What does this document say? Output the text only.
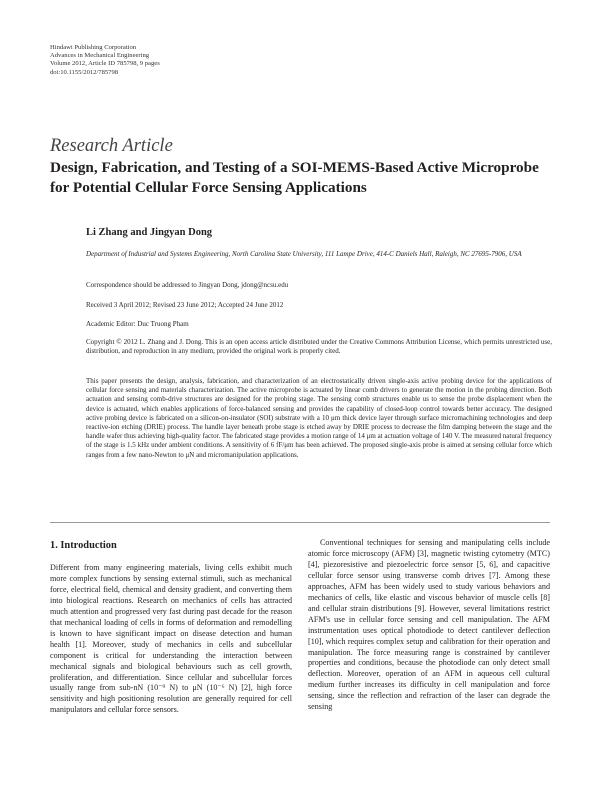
Hindawi Publishing Corporation
Advances in Mechanical Engineering
Volume 2012, Article ID 785798, 9 pages
doi:10.1155/2012/785798
Research Article
Design, Fabrication, and Testing of a SOI-MEMS-Based Active Microprobe for Potential Cellular Force Sensing Applications
Li Zhang and Jingyan Dong
Department of Industrial and Systems Engineering, North Carolina State University, 111 Lampe Drive, 414-C Daniels Hall, Raleigh, NC 27695-7906, USA
Correspondence should be addressed to Jingyan Dong, jdong@ncsu.edu
Received 3 April 2012; Revised 23 June 2012; Accepted 24 June 2012
Academic Editor: Duc Truong Pham
Copyright © 2012 L. Zhang and J. Dong. This is an open access article distributed under the Creative Commons Attribution License, which permits unrestricted use, distribution, and reproduction in any medium, provided the original work is properly cited.
This paper presents the design, analysis, fabrication, and characterization of an electrostatically driven single-axis active probing device for the applications of cellular force sensing and materials characterization. The active microprobe is actuated by linear comb drivers to generate the motion in the probing direction. Both actuation and sensing comb-drive structures are designed for the probing stage. The sensing comb structures enable us to sense the probe displacement when the device is actuated, which enables applications of force-balanced sensing and provides the capability of closed-loop control towards better accuracy. The designed active probing device is fabricated on a silicon-on-insulator (SOI) substrate with a 10 μm thick device layer through surface micromachining technologies and deep reactive-ion etching (DRIE) process. The handle layer beneath probe stage is etched away by DRIE process to decrease the film damping between the stage and the handle wafer thus achieving high-quality factor. The fabricated stage provides a motion range of 14 μm at actuation voltage of 140 V. The measured natural frequency of the stage is 1.5 kHz under ambient conditions. A sensitivity of 6 fF/μm has been achieved. The proposed single-axis probe is aimed at sensing cellular force which ranges from a few nano-Newton to μN and micromanipulation applications.
1. Introduction

Different from many engineering materials, living cells exhibit much more complex functions by sensing external stimuli, such as mechanical force, electrical field, chemical and density gradient, and converting them into biological reactions. Research on mechanics of cells has attracted much attention and progressed very fast during past decade for the reason that mechanical loading of cells in forms of deformation and remodelling is known to have significant impact on disease detection and human health [1]. Moreover, study of mechanics in cells and subcellular component is critical for understanding the interaction between mechanical signals and biological behaviours such as cell growth, proliferation, and differentiation. Since cellular and subcellular forces usually range from sub-nN (10⁻⁹ N) to μN (10⁻⁶ N) [2], high force sensitivity and high positioning resolution are generally required for cell manipulators and cellular force sensors.

Conventional techniques for sensing and manipulating cells include atomic force microscopy (AFM) [3], magnetic twisting cytometry (MTC) [4], piezoresistive and piezoelectric force sensor [5, 6], and capacitive cellular force sensor using transverse comb drives [7]. Among these approaches, AFM has been widely used to study various behaviors and mechanics of cells, like elastic and viscous behavior of muscle cells [8] and cellular strain distributions [9]. However, several limitations restrict AFM's use in cellular force sensing and cell manipulation. The AFM instrumentation uses optical photodiode to detect cantilever deflection [10], which requires complex setup and calibration for their operation and manipulation. The force measuring range is constrained by cantilever properties and conditions, because the photodiode can only detect small deflection. Moreover, operation of an AFM in aqueous cell cultural medium further increases its difficulty in cell manipulation and force sensing, since the reflection and refraction of the laser can degrade the sensing
